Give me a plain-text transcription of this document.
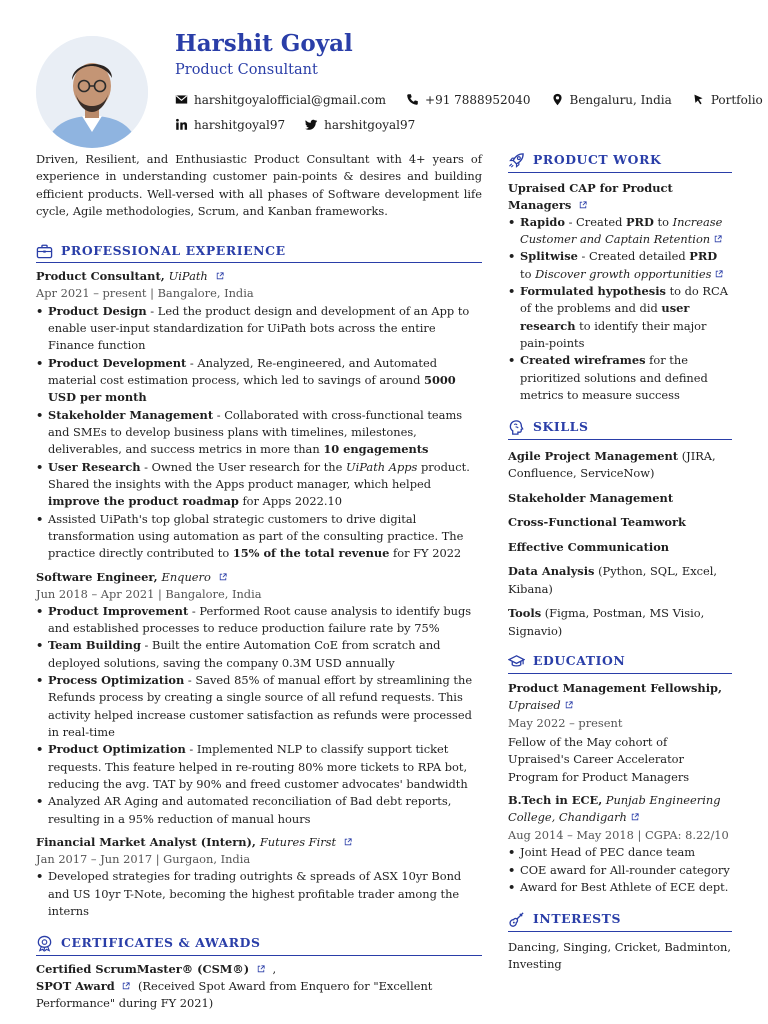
Harshit Goyal
Product Consultant
harshitgoyalofficial@gmail.com	+91 7888952040	Bengaluru, India	Portfolio
harshitgoyal97	harshitgoyal97

Driven, Resilient, and Enthusiastic Product Consultant with 4+ years of experience in understanding customer pain-points & desires and building efficient products. Well-versed with all phases of Software development life cycle, Agile methodologies, Scrum, and Kanban frameworks.

PROFESSIONAL EXPERIENCE
Product Consultant, UiPath
Apr 2021 – present | Bangalore, India
• Product Design - Led the product design and development of an App to enable user-input standardization for UiPath bots across the entire Finance function
• Product Development - Analyzed, Re-engineered, and Automated material cost estimation process, which led to savings of around 5000 USD per month
• Stakeholder Management - Collaborated with cross-functional teams and SMEs to develop business plans with timelines, milestones, deliverables, and success metrics in more than 10 engagements
• User Research - Owned the User research for the UiPath Apps product. Shared the insights with the Apps product manager, which helped improve the product roadmap for Apps 2022.10
• Assisted UiPath's top global strategic customers to drive digital transformation using automation as part of the consulting practice. The practice directly contributed to 15% of the total revenue for FY 2022
Software Engineer, Enquero
Jun 2018 – Apr 2021 | Bangalore, India
• Product Improvement - Performed Root cause analysis to identify bugs and established processes to reduce production failure rate by 75%
• Team Building - Built the entire Automation CoE from scratch and deployed solutions, saving the company 0.3M USD annually
• Process Optimization - Saved 85% of manual effort by streamlining the Refunds process by creating a single source of all refund requests. This activity helped increase customer satisfaction as refunds were processed in real-time
• Product Optimization - Implemented NLP to classify support ticket requests. This feature helped in re-routing 80% more tickets to RPA bot, reducing the avg. TAT by 90% and freed customer advocates' bandwidth
• Analyzed AR Aging and automated reconciliation of Bad debt reports, resulting in a 95% reduction of manual hours
Financial Market Analyst (Intern), Futures First
Jan 2017 – Jun 2017 | Gurgaon, India
• Developed strategies for trading outrights & spreads of ASX 10yr Bond and US 10yr T-Note, becoming the highest profitable trader among the interns
CERTIFICATES & AWARDS
Certified ScrumMaster® (CSM®) ,
SPOT Award (Received Spot Award from Enquero for "Excellent Performance" during FY 2021)
PRODUCT WORK
Upraised CAP for Product Managers
• Rapido - Created PRD to Increase Customer and Captain Retention
• Splitwise - Created detailed PRD to Discover growth opportunities
• Formulated hypothesis to do RCA of the problems and did user research to identify their major pain-points
• Created wireframes for the prioritized solutions and defined metrics to measure success
SKILLS
Agile Project Management (JIRA, Confluence, ServiceNow)
Stakeholder Management
Cross-Functional Teamwork
Effective Communication
Data Analysis (Python, SQL, Excel, Kibana)
Tools (Figma, Postman, MS Visio, Signavio)
EDUCATION
Product Management Fellowship,
Upraised
May 2022 – present
Fellow of the May cohort of Upraised's Career Accelerator Program for Product Managers
B.Tech in ECE, Punjab Engineering College, Chandigarh
Aug 2014 – May 2018 | CGPA: 8.22/10
• Joint Head of PEC dance team
• COE award for All-rounder category
• Award for Best Athlete of ECE dept.
INTERESTS
Dancing, Singing, Cricket, Badminton, Investing
